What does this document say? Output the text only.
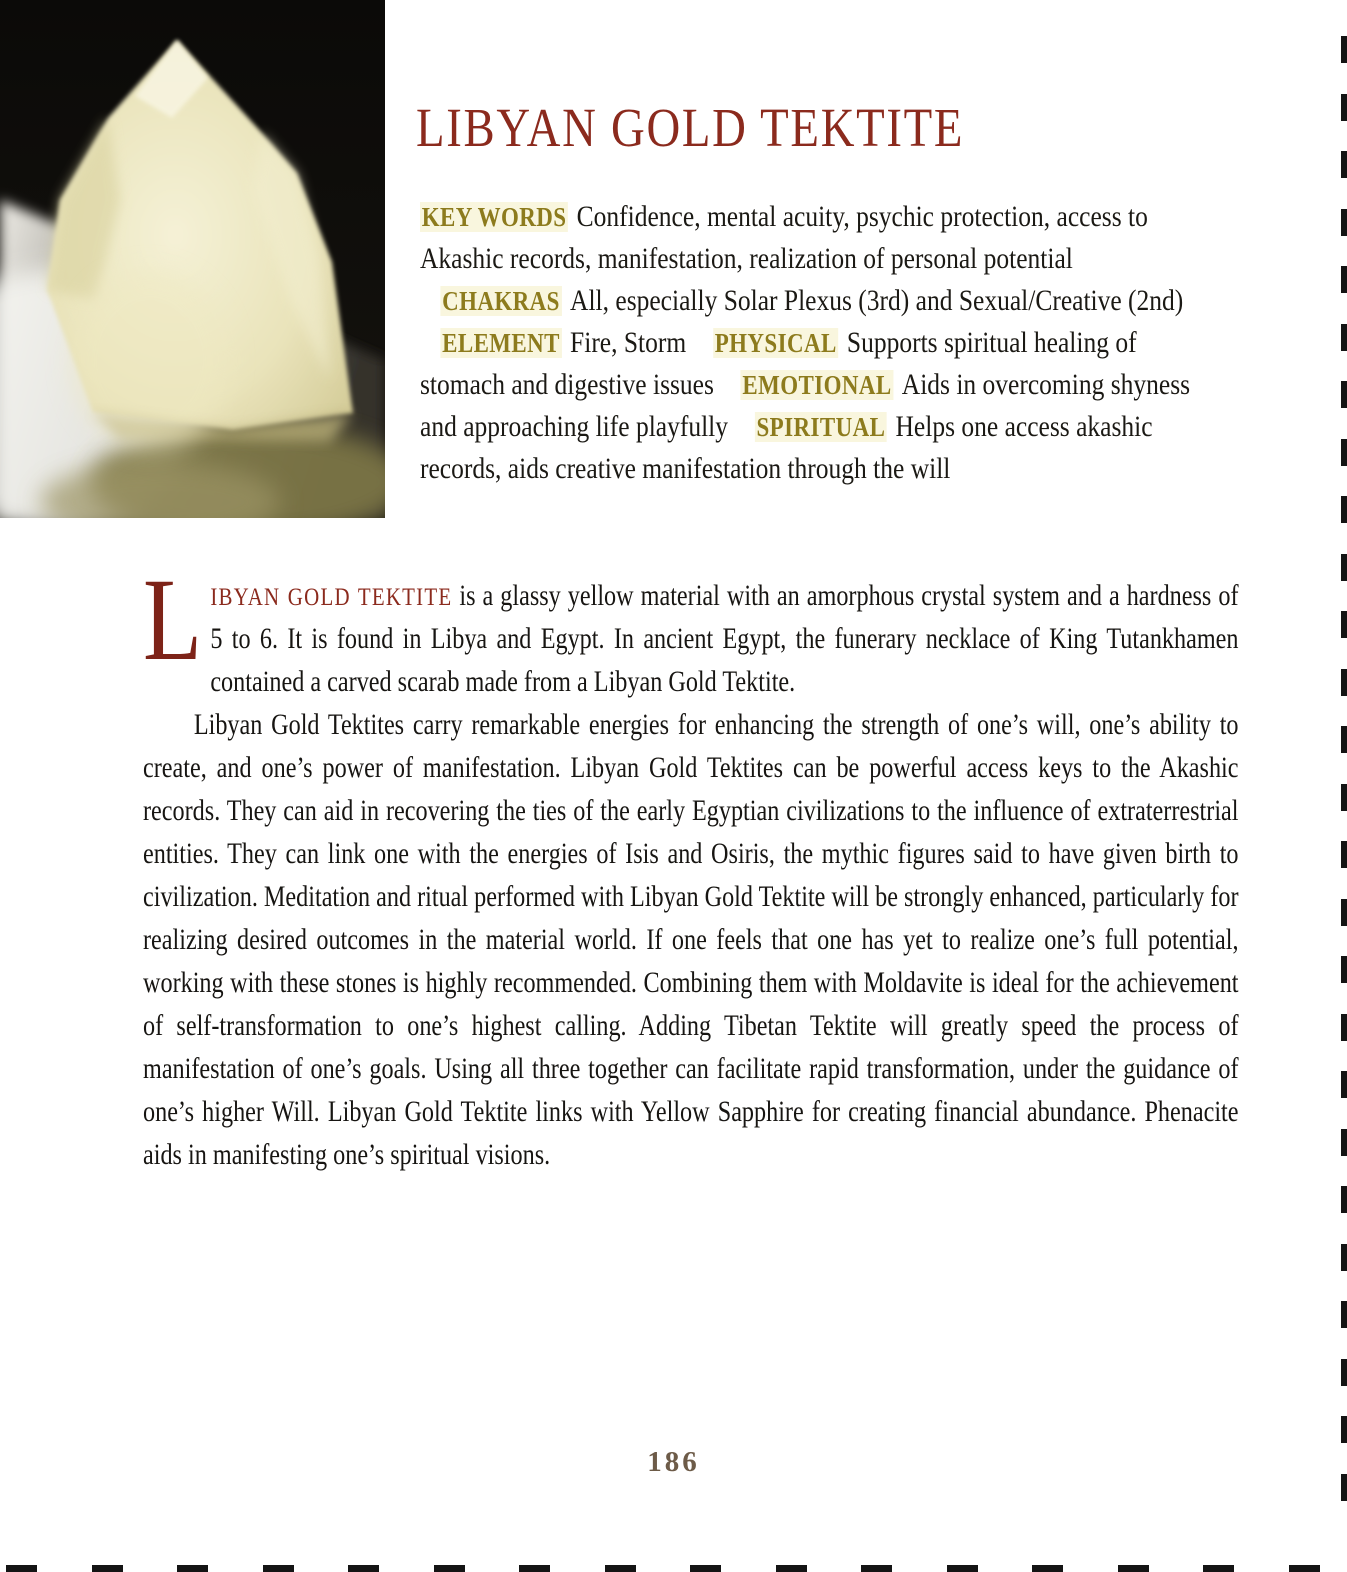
LIBYAN GOLD TEKTITE

KEY WORDS Confidence, mental acuity, psychic protection, access to Akashic records, manifestation, realization of personal potential CHAKRAS All, especially Solar Plexus (3rd) and Sexual/Creative (2nd) ELEMENT Fire, Storm PHYSICAL Supports spiritual healing of stomach and digestive issues EMOTIONAL Aids in overcoming shyness and approaching life playfully SPIRITUAL Helps one access akashic records, aids creative manifestation through the will

LIBYAN GOLD TEKTITE is a glassy yellow material with an amorphous crystal system and a hardness of 5 to 6. It is found in Libya and Egypt. In ancient Egypt, the funerary necklace of King Tutankhamen contained a carved scarab made from a Libyan Gold Tektite.

Libyan Gold Tektites carry remarkable energies for enhancing the strength of one’s will, one’s ability to create, and one’s power of manifestation. Libyan Gold Tektites can be powerful access keys to the Akashic records. They can aid in recovering the ties of the early Egyptian civilizations to the influence of extraterrestrial entities. They can link one with the energies of Isis and Osiris, the mythic figures said to have given birth to civilization. Meditation and ritual performed with Libyan Gold Tektite will be strongly enhanced, particularly for realizing desired outcomes in the material world. If one feels that one has yet to realize one’s full potential, working with these stones is highly recommended. Combining them with Moldavite is ideal for the achievement of self-transformation to one’s highest calling. Adding Tibetan Tektite will greatly speed the process of manifestation of one’s goals. Using all three together can facilitate rapid transformation, under the guidance of one’s higher Will. Libyan Gold Tektite links with Yellow Sapphire for creating financial abundance. Phenacite aids in manifesting one’s spiritual visions.

186
